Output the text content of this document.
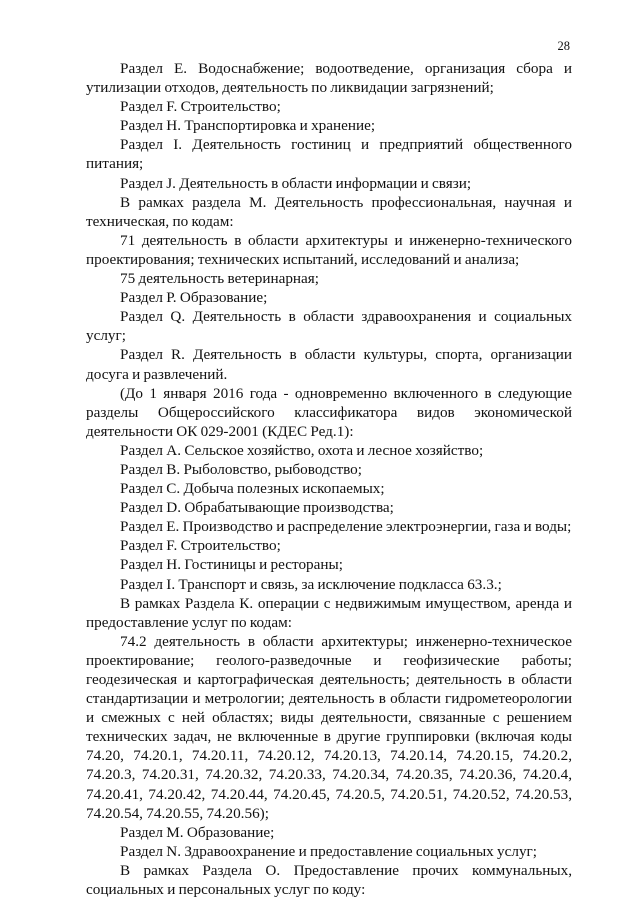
28

Раздел Е. Водоснабжение; водоотведение, организация сбора и утилизации отходов, деятельность по ликвидации загрязнений;

Раздел F. Строительство;

Раздел Н. Транспортировка и хранение;

Раздел I. Деятельность гостиниц и предприятий общественного питания;

Раздел J. Деятельность в области информации и связи;

В рамках раздела М. Деятельность профессиональная, научная и техническая, по кодам:

71 деятельность в области архитектуры и инженерно-технического проектирования; технических испытаний, исследований и анализа;

75 деятельность ветеринарная;

Раздел Р. Образование;

Раздел Q. Деятельность в области здравоохранения и социальных услуг;

Раздел R. Деятельность в области культуры, спорта, организации досуга и развлечений.

(До 1 января 2016 года - одновременно включенного в следующие разделы Общероссийского классификатора видов экономической деятельности ОК 029-2001 (КДЕС Ред.1):

Раздел А. Сельское хозяйство, охота и лесное хозяйство;

Раздел В. Рыболовство, рыбоводство;

Раздел С. Добыча полезных ископаемых;

Раздел D. Обрабатывающие производства;

Раздел Е. Производство и распределение электроэнергии, газа и воды;

Раздел F. Строительство;

Раздел Н. Гостиницы и рестораны;

Раздел I. Транспорт и связь, за исключение подкласса 63.3.;

В рамках Раздела К. операции с недвижимым имуществом, аренда и предоставление услуг по кодам:

74.2 деятельность в области архитектуры; инженерно-техническое проектирование; геолого-разведочные и геофизические работы; геодезическая и картографическая деятельность; деятельность в области стандартизации и метрологии; деятельность в области гидрометеорологии и смежных с ней областях; виды деятельности, связанные с решением технических задач, не включенные в другие группировки (включая коды 74.20, 74.20.1, 74.20.11, 74.20.12, 74.20.13, 74.20.14, 74.20.15, 74.20.2, 74.20.3, 74.20.31, 74.20.32, 74.20.33, 74.20.34, 74.20.35, 74.20.36, 74.20.4, 74.20.41, 74.20.42, 74.20.44, 74.20.45, 74.20.5, 74.20.51, 74.20.52, 74.20.53, 74.20.54, 74.20.55, 74.20.56);

Раздел М. Образование;

Раздел N. Здравоохранение и предоставление социальных услуг;

В рамках Раздела О. Предоставление прочих коммунальных, социальных и персональных услуг по коду:
